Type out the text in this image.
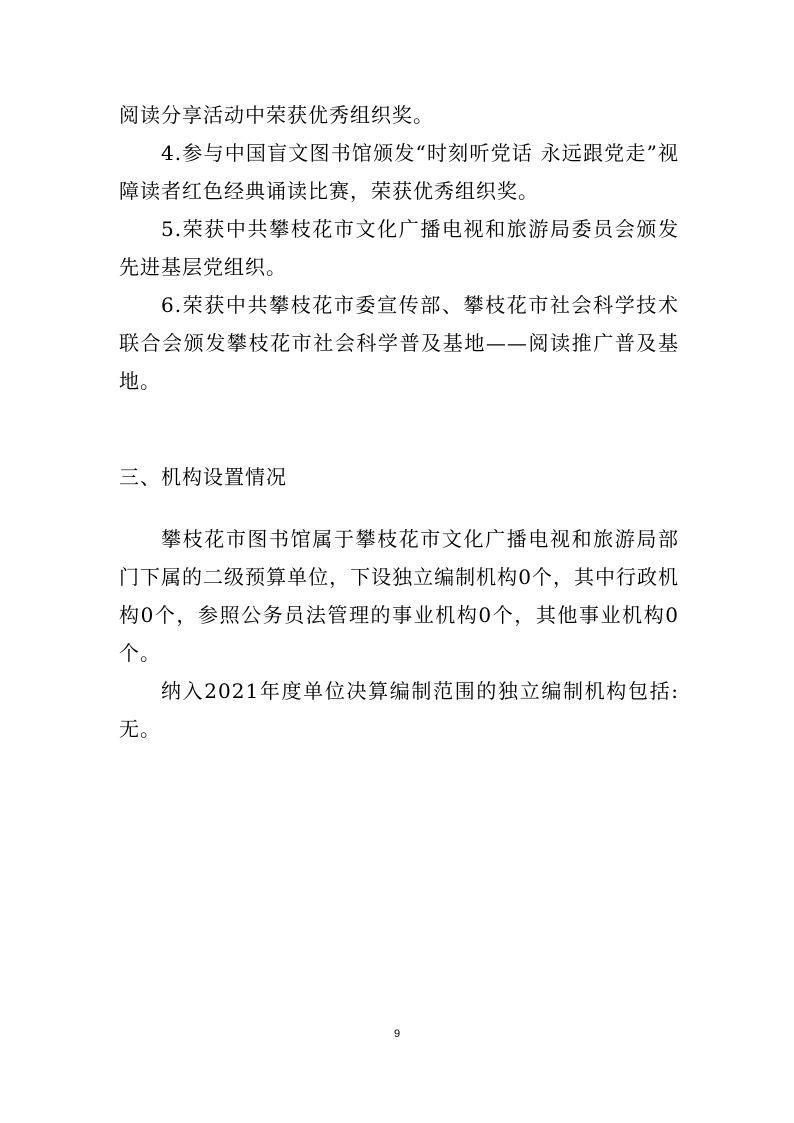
阅读分享活动中荣获优秀组织奖。

4.参与中国盲文图书馆颁发“时刻听党话 永远跟党走”视障读者红色经典诵读比赛，荣获优秀组织奖。

5.荣获中共攀枝花市文化广播电视和旅游局委员会颁发先进基层党组织。

6.荣获中共攀枝花市委宣传部、攀枝花市社会科学技术联合会颁发攀枝花市社会科学普及基地——阅读推广普及基地。

三、机构设置情况

攀枝花市图书馆属于攀枝花市文化广播电视和旅游局部门下属的二级预算单位，下设独立编制机构0个，其中行政机构0个，参照公务员法管理的事业机构0个，其他事业机构0个。

纳入2021年度单位决算编制范围的独立编制机构包括:无。

9
